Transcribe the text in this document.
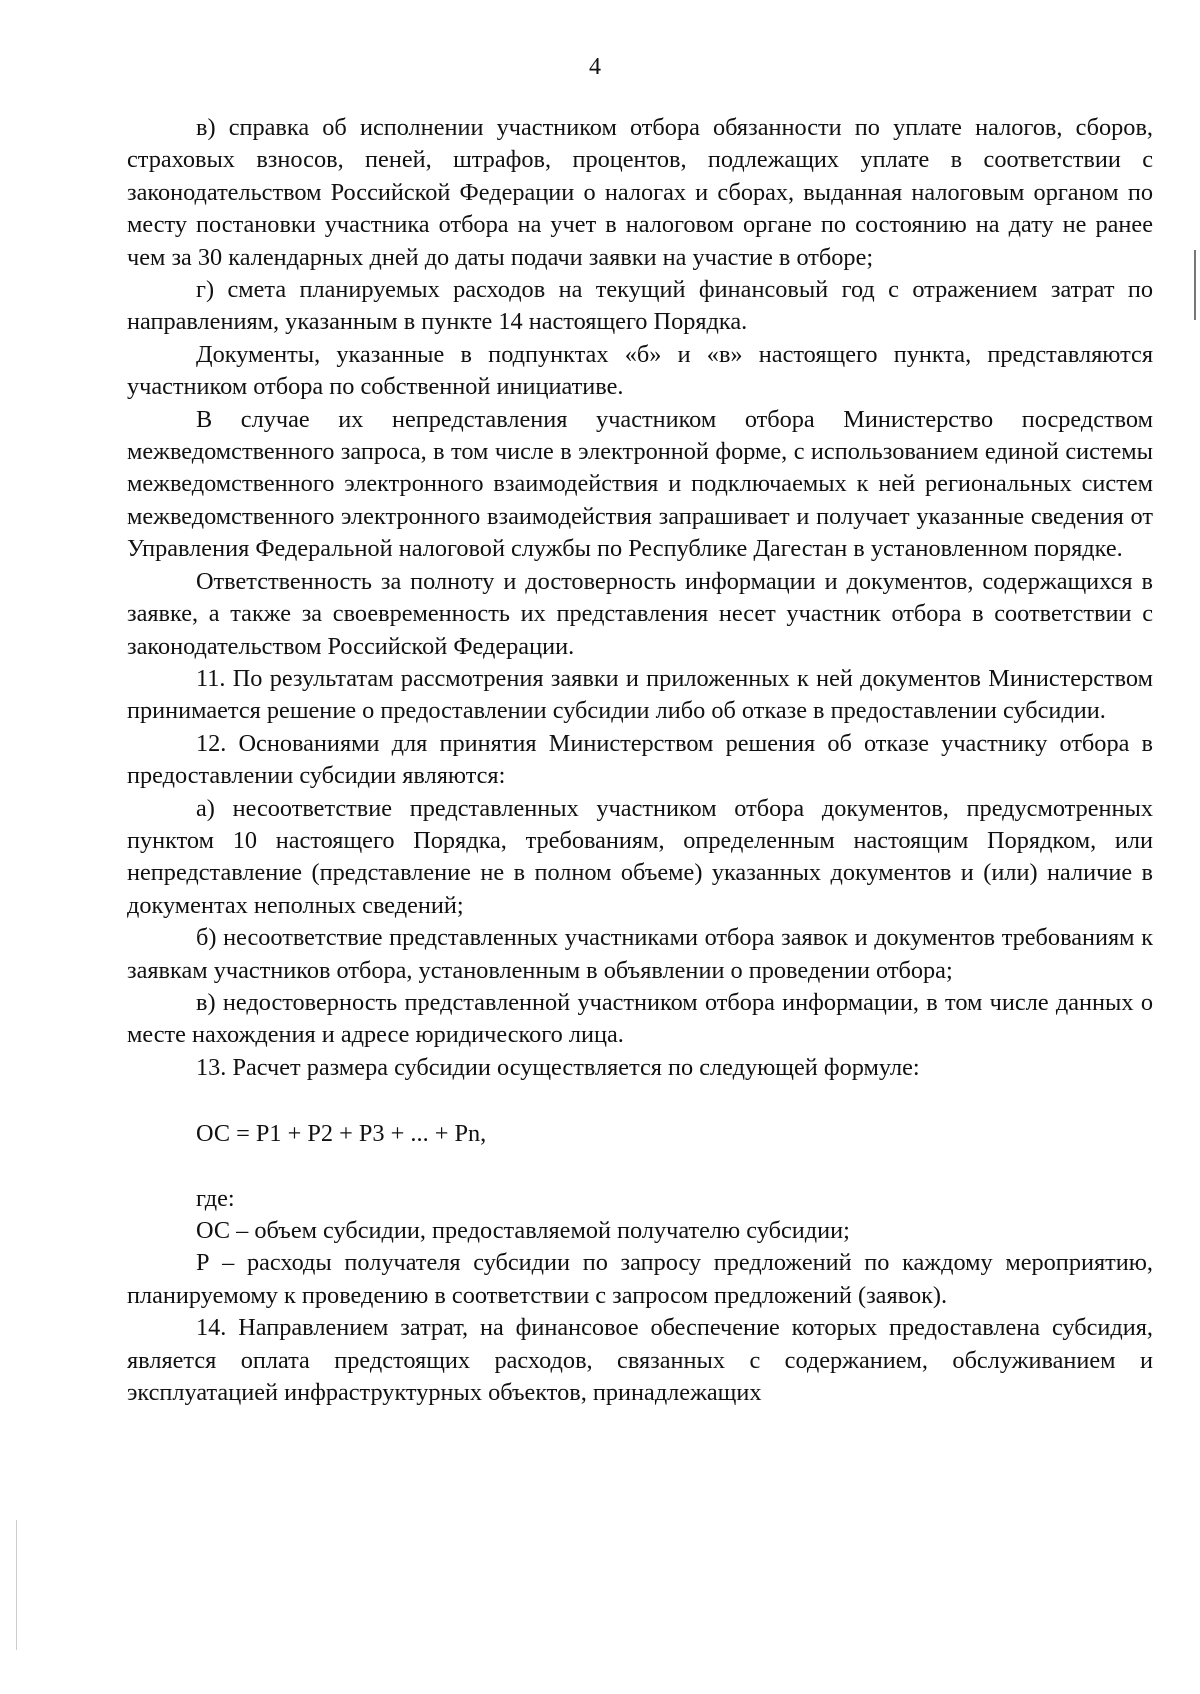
4

в) справка об исполнении участником отбора обязанности по уплате налогов, сборов, страховых взносов, пеней, штрафов, процентов, подлежащих уплате в соответствии с законодательством Российской Федерации о налогах и сборах, выданная налоговым органом по месту постановки участника отбора на учет в налоговом органе по состоянию на дату не ранее чем за 30 календарных дней до даты подачи заявки на участие в отборе;

г) смета планируемых расходов на текущий финансовый год с отражением затрат по направлениям, указанным в пункте 14 настоящего Порядка.

Документы, указанные в подпунктах «б» и «в» настоящего пункта, представляются участником отбора по собственной инициативе.

В случае их непредставления участником отбора Министерство посредством межведомственного запроса, в том числе в электронной форме, с использованием единой системы межведомственного электронного взаимодействия и подключаемых к ней региональных систем межведомственного электронного взаимодействия запрашивает и получает указанные сведения от Управления Федеральной налоговой службы по Республике Дагестан в установленном порядке.

Ответственность за полноту и достоверность информации и документов, содержащихся в заявке, а также за своевременность их представления несет участник отбора в соответствии с законодательством Российской Федерации.

11. По результатам рассмотрения заявки и приложенных к ней документов Министерством принимается решение о предоставлении субсидии либо об отказе в предоставлении субсидии.

12. Основаниями для принятия Министерством решения об отказе участнику отбора в предоставлении субсидии являются:

а) несоответствие представленных участником отбора документов, предусмотренных пунктом 10 настоящего Порядка, требованиям, определенным настоящим Порядком, или непредставление (представление не в полном объеме) указанных документов и (или) наличие в документах неполных сведений;

б) несоответствие представленных участниками отбора заявок и документов требованиям к заявкам участников отбора, установленным в объявлении о проведении отбора;

в) недостоверность представленной участником отбора информации, в том числе данных о месте нахождения и адресе юридического лица.

13. Расчет размера субсидии осуществляется по следующей формуле:

ОС = Р1 + Р2 + Р3 + ... + Рn,

где:

ОС – объем субсидии, предоставляемой получателю субсидии;

Р – расходы получателя субсидии по запросу предложений по каждому мероприятию, планируемому к проведению в соответствии с запросом предложений (заявок).

14. Направлением затрат, на финансовое обеспечение которых предоставлена субсидия, является оплата предстоящих расходов, связанных с содержанием, обслуживанием и эксплуатацией инфраструктурных объектов, принадлежащих
